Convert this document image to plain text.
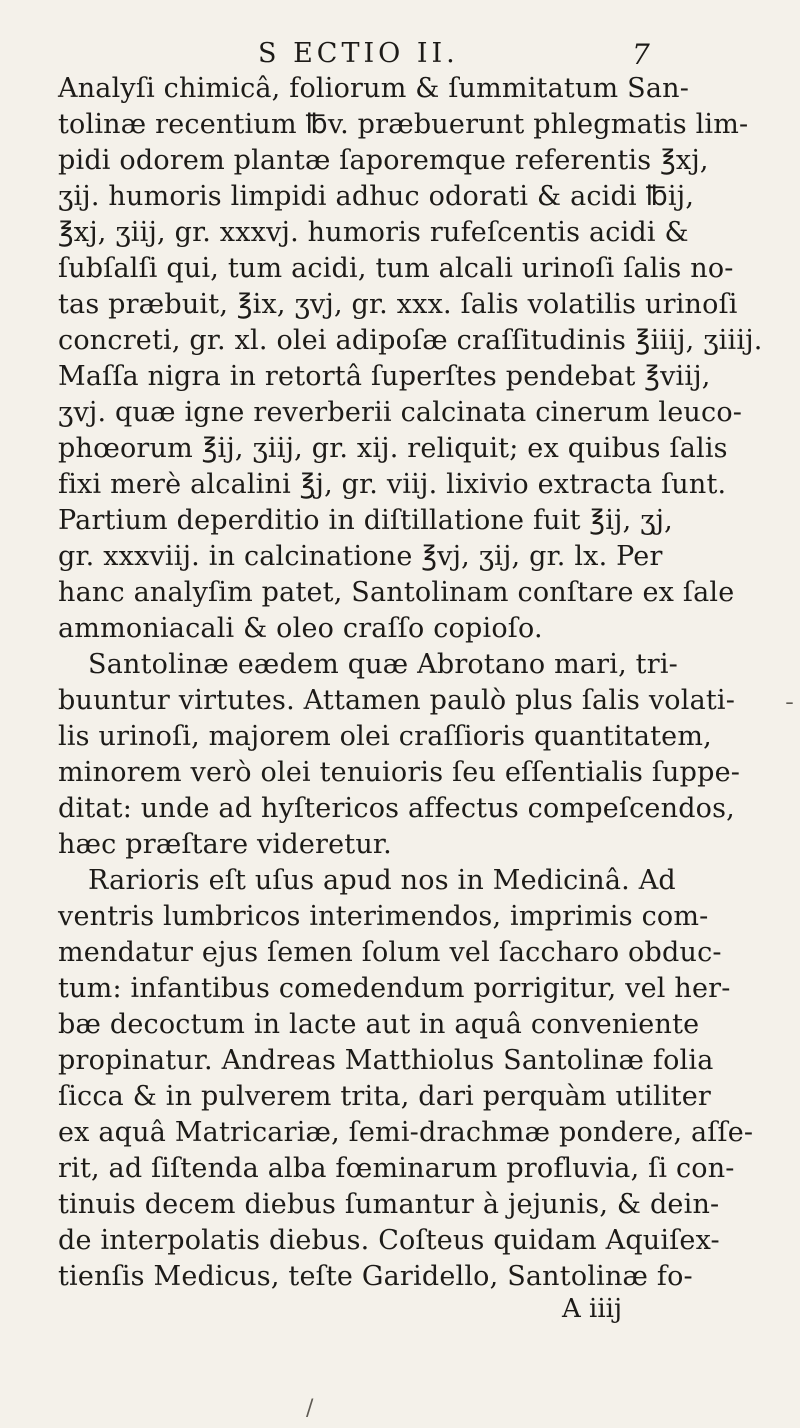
S ECTIO II.	7
Analyſi chimicâ, foliorum & ſummitatum San-
tolinæ recentium ℔v. præbuerunt phlegmatis lim-
pidi odorem plantæ ſaporemque referentis ℥xj,
ʒij. humoris limpidi adhuc odorati & acidi ℔ij,
℥xj, ʒiij, gr. xxxvj. humoris rufeſcentis acidi &
ſubſalſi qui, tum acidi, tum alcali urinoſi ſalis no-
tas præbuit, ℥ix, ʒvj, gr. xxx. ſalis volatilis urinoſi
concreti, gr. xl. olei adipoſæ craſſitudinis ℥iiij, ʒiiij.
Maſſa nigra in retortâ ſuperſtes pendebat ℥viij,
ʒvj. quæ igne reverberii calcinata cinerum leuco-
phœorum ℥ij, ʒiij, gr. xij. reliquit; ex quibus ſalis
fixi merè alcalini ℥j, gr. viij. lixivio extracta ſunt.
Partium deperditio in diſtillatione fuit ℥ij, ʒj,
gr. xxxviij. in calcinatione ℥vj, ʒij, gr. lx. Per
hanc analyſim patet, Santolinam conſtare ex ſale
ammoniacali & oleo craſſo copioſo.
Santolinæ eædem quæ Abrotano mari, tri-
buuntur virtutes. Attamen paulò plus ſalis volati-
lis urinoſi, majorem olei craſſioris quantitatem,
minorem verò olei tenuioris ſeu eſſentialis ſuppe-
ditat: unde ad hyſtericos affectus compeſcendos,
hæc præſtare videretur.
Rarioris eſt uſus apud nos in Medicinâ. Ad
ventris lumbricos interimendos, imprimis com-
mendatur ejus ſemen ſolum vel ſaccharo obduc-
tum: infantibus comedendum porrigitur, vel her-
bæ decoctum in lacte aut in aquâ conveniente
propinatur. Andreas Matthiolus Santolinæ folia
ſicca & in pulverem trita, dari perquàm utiliter
ex aquâ Matricariæ, ſemi-drachmæ pondere, aſſe-
rit, ad ſiſtenda alba fœminarum profluvia, ſi con-
tinuis decem diebus ſumantur à jejunis, & dein-
de interpolatis diebus. Coſteus quidam Aquiſex-
tienſis Medicus, teſte Garidello, Santolinæ fo-
A iiij
/
ˉ
